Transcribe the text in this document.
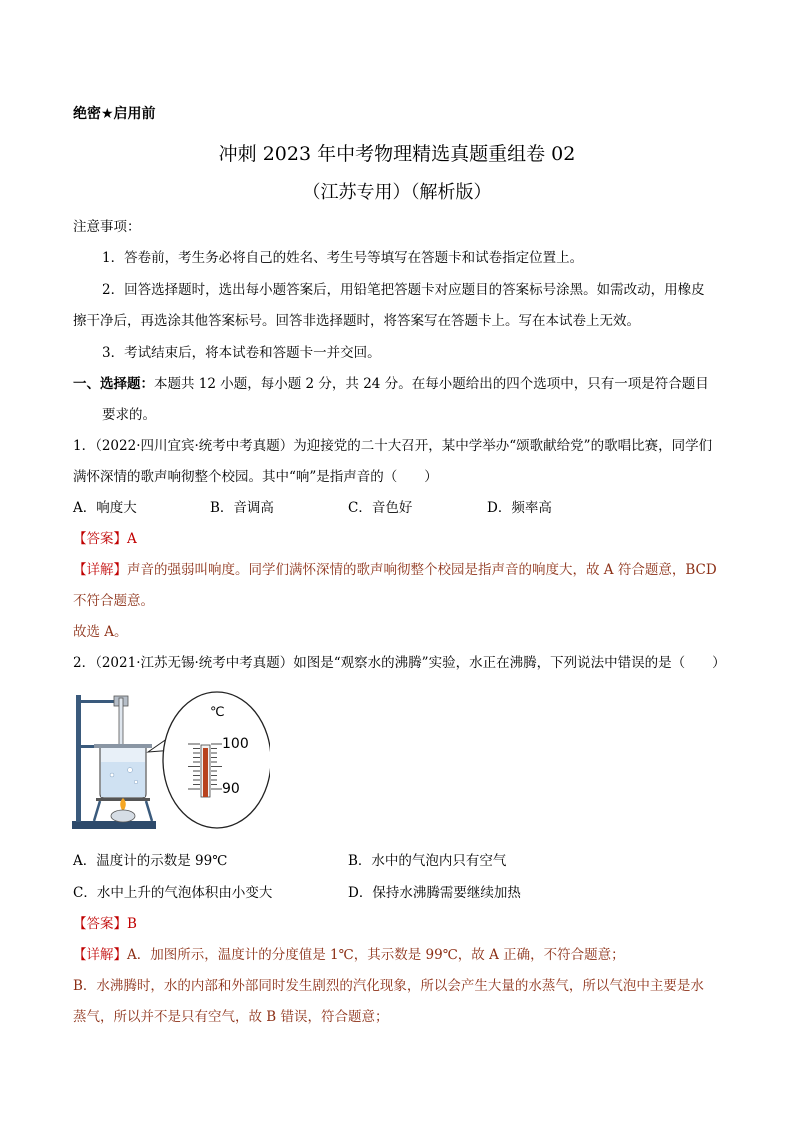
绝密★启用前
冲刺 2023 年中考物理精选真题重组卷 02
（江苏专用）（解析版）
注意事项：
1．答卷前，考生务必将自己的姓名、考生号等填写在答题卡和试卷指定位置上。
2．回答选择题时，选出每小题答案后，用铅笔把答题卡对应题目的答案标号涂黑。如需改动，用橡皮
擦干净后，再选涂其他答案标号。回答非选择题时，将答案写在答题卡上。写在本试卷上无效。
3．考试结束后，将本试卷和答题卡一并交回。
一、选择题：本题共 12 小题，每小题 2 分，共 24 分。在每小题给出的四个选项中，只有一项是符合题目
要求的。
1．（2022·四川宜宾·统考中考真题）为迎接党的二十大召开，某中学举办“颂歌献给党”的歌唱比赛，同学们
满怀深情的歌声响彻整个校园。其中“响”是指声音的（　　）
A．响度大	B．音调高	C．音色好	D．频率高
【答案】A
【详解】声音的强弱叫响度。同学们满怀深情的歌声响彻整个校园是指声音的响度大，故 A 符合题意，BCD
不符合题意。
故选 A。
2．（2021·江苏无锡·统考中考真题）如图是“观察水的沸腾”实验，水正在沸腾，下列说法中错误的是（　　）
℃
100
90
A．温度计的示数是 99℃	B．水中的气泡内只有空气
C．水中上升的气泡体积由小变大	D．保持水沸腾需要继续加热
【答案】B
【详解】A．加图所示，温度计的分度值是 1℃，其示数是 99℃，故 A 正确，不符合题意；
B．水沸腾时，水的内部和外部同时发生剧烈的汽化现象，所以会产生大量的水蒸气，所以气泡中主要是水
蒸气，所以并不是只有空气，故 B 错误，符合题意；
